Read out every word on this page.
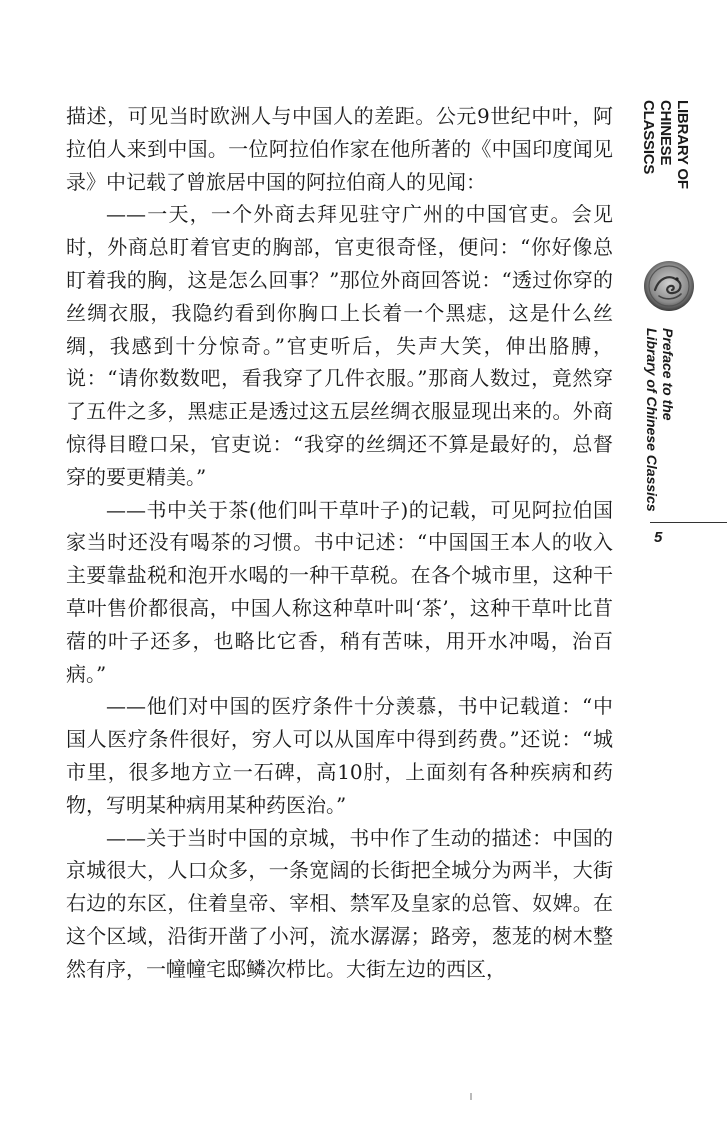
描述，可见当时欧洲人与中国人的差距。公元9世纪中叶，阿拉伯人来到中国。一位阿拉伯作家在他所著的《中国印度闻见录》中记载了曾旅居中国的阿拉伯商人的见闻：

——一天，一个外商去拜见驻守广州的中国官吏。会见时，外商总盯着官吏的胸部，官吏很奇怪，便问：“你好像总盯着我的胸，这是怎么回事？”那位外商回答说：“透过你穿的丝绸衣服，我隐约看到你胸口上长着一个黑痣，这是什么丝绸，我感到十分惊奇。”官吏听后，失声大笑，伸出胳膊，说：“请你数数吧，看我穿了几件衣服。”那商人数过，竟然穿了五件之多，黑痣正是透过这五层丝绸衣服显现出来的。外商惊得目瞪口呆，官吏说：“我穿的丝绸还不算是最好的，总督穿的要更精美。”

——书中关于茶(他们叫干草叶子)的记载，可见阿拉伯国家当时还没有喝茶的习惯。书中记述：“中国国王本人的收入主要靠盐税和泡开水喝的一种干草税。在各个城市里，这种干草叶售价都很高，中国人称这种草叶叫‘茶’，这种干草叶比苜蓿的叶子还多，也略比它香，稍有苦味，用开水冲喝，治百病。”

——他们对中国的医疗条件十分羡慕，书中记载道：“中国人医疗条件很好，穷人可以从国库中得到药费。”还说：“城市里，很多地方立一石碑，高10肘，上面刻有各种疾病和药物，写明某种病用某种药医治。”

——关于当时中国的京城，书中作了生动的描述：中国的京城很大，人口众多，一条宽阔的长街把全城分为两半，大街右边的东区，住着皇帝、宰相、禁军及皇家的总管、奴婢。在这个区域，沿街开凿了小河，流水潺潺；路旁，葱茏的树木整然有序，一幢幢宅邸鳞次栉比。大街左边的西区，

LIBRARY OF CHINESE
CLASSICS
Preface to the
Library of Chinese Classics
5
